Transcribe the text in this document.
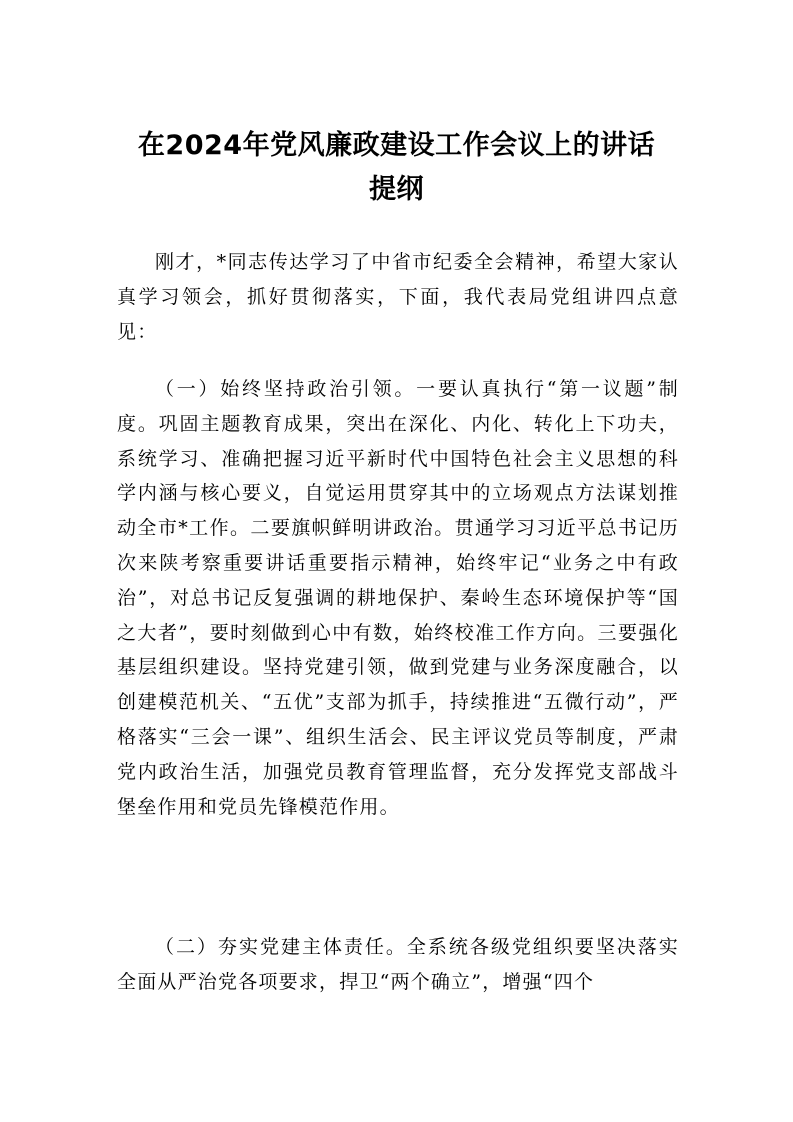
在2024年党风廉政建设工作会议上的讲话
提纲

刚才，*同志传达学习了中省市纪委全会精神，希望大家认真学习领会，抓好贯彻落实，下面，我代表局党组讲四点意见：

（一）始终坚持政治引领。一要认真执行“第一议题”制度。巩固主题教育成果，突出在深化、内化、转化上下功夫，系统学习、准确把握习近平新时代中国特色社会主义思想的科学内涵与核心要义，自觉运用贯穿其中的立场观点方法谋划推动全市*工作。二要旗帜鲜明讲政治。贯通学习习近平总书记历次来陕考察重要讲话重要指示精神，始终牢记“业务之中有政治”，对总书记反复强调的耕地保护、秦岭生态环境保护等“国之大者”，要时刻做到心中有数，始终校准工作方向。三要强化基层组织建设。坚持党建引领，做到党建与业务深度融合，以创建模范机关、“五优”支部为抓手，持续推进“五微行动”，严格落实“三会一课”、组织生活会、民主评议党员等制度，严肃党内政治生活，加强党员教育管理监督，充分发挥党支部战斗堡垒作用和党员先锋模范作用。

（二）夯实党建主体责任。全系统各级党组织要坚决落实全面从严治党各项要求，捍卫“两个确立”，增强“四个
